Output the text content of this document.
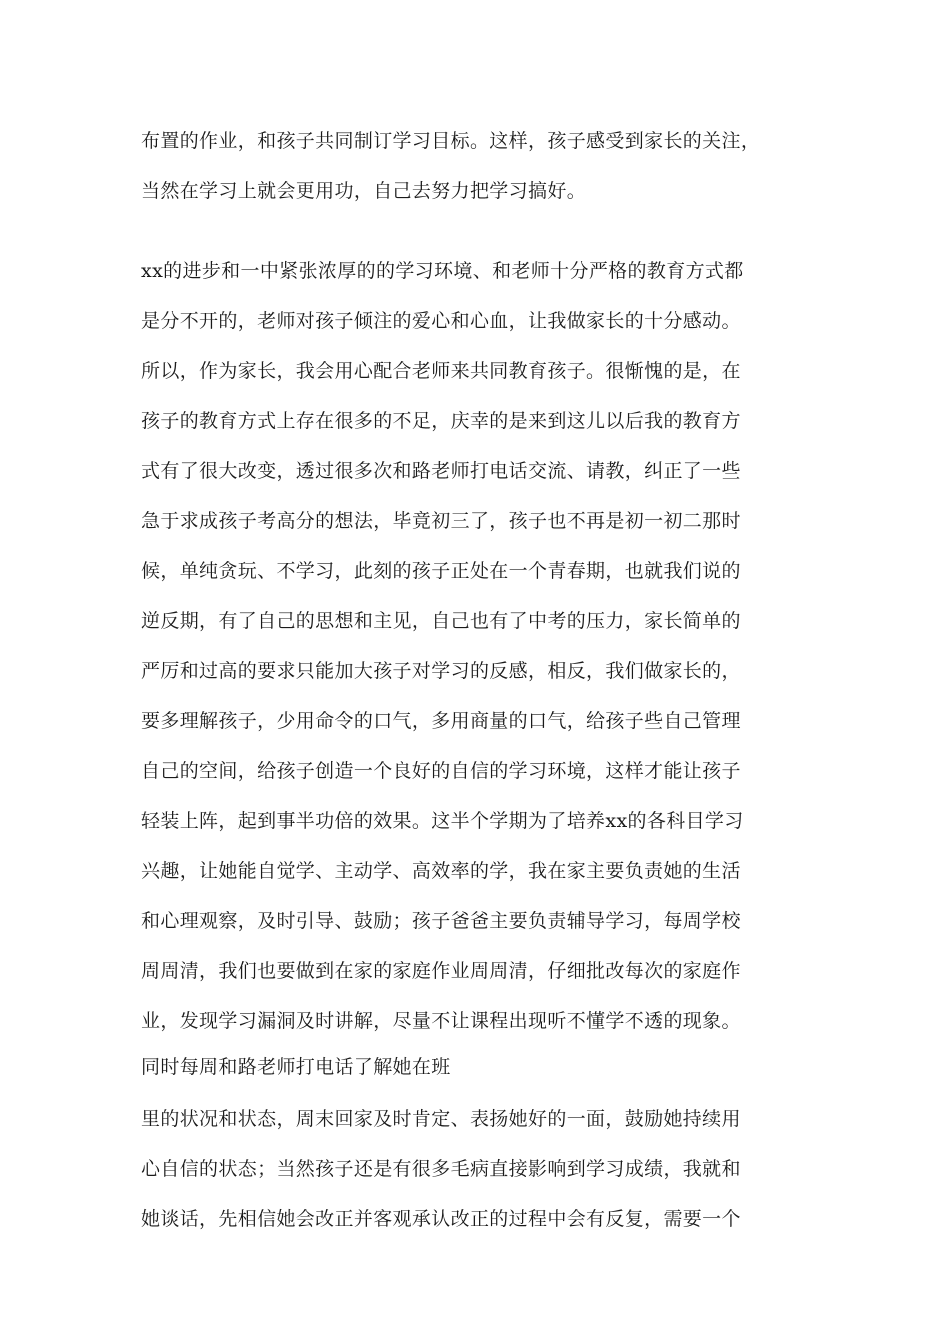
布置的作业，和孩子共同制订学习目标。这样，孩子感受到家长的关注，
当然在学习上就会更用功，自己去努力把学习搞好。
xx的进步和一中紧张浓厚的的学习环境、和老师十分严格的教育方式都
是分不开的，老师对孩子倾注的爱心和心血，让我做家长的十分感动。
所以，作为家长，我会用心配合老师来共同教育孩子。很惭愧的是，在
孩子的教育方式上存在很多的不足，庆幸的是来到这儿以后我的教育方
式有了很大改变，透过很多次和路老师打电话交流、请教，纠正了一些
急于求成孩子考高分的想法，毕竟初三了，孩子也不再是初一初二那时
候，单纯贪玩、不学习，此刻的孩子正处在一个青春期，也就我们说的
逆反期，有了自己的思想和主见，自己也有了中考的压力，家长简单的
严厉和过高的要求只能加大孩子对学习的反感，相反，我们做家长的，
要多理解孩子，少用命令的口气，多用商量的口气，给孩子些自己管理
自己的空间，给孩子创造一个良好的自信的学习环境，这样才能让孩子
轻装上阵，起到事半功倍的效果。这半个学期为了培养xx的各科目学习
兴趣，让她能自觉学、主动学、高效率的学，我在家主要负责她的生活
和心理观察，及时引导、鼓励；孩子爸爸主要负责辅导学习，每周学校
周周清，我们也要做到在家的家庭作业周周清，仔细批改每次的家庭作
业，发现学习漏洞及时讲解，尽量不让课程出现听不懂学不透的现象。
同时每周和路老师打电话了解她在班
里的状况和状态，周末回家及时肯定、表扬她好的一面，鼓励她持续用
心自信的状态；当然孩子还是有很多毛病直接影响到学习成绩，我就和
她谈话，先相信她会改正并客观承认改正的过程中会有反复，需要一个
